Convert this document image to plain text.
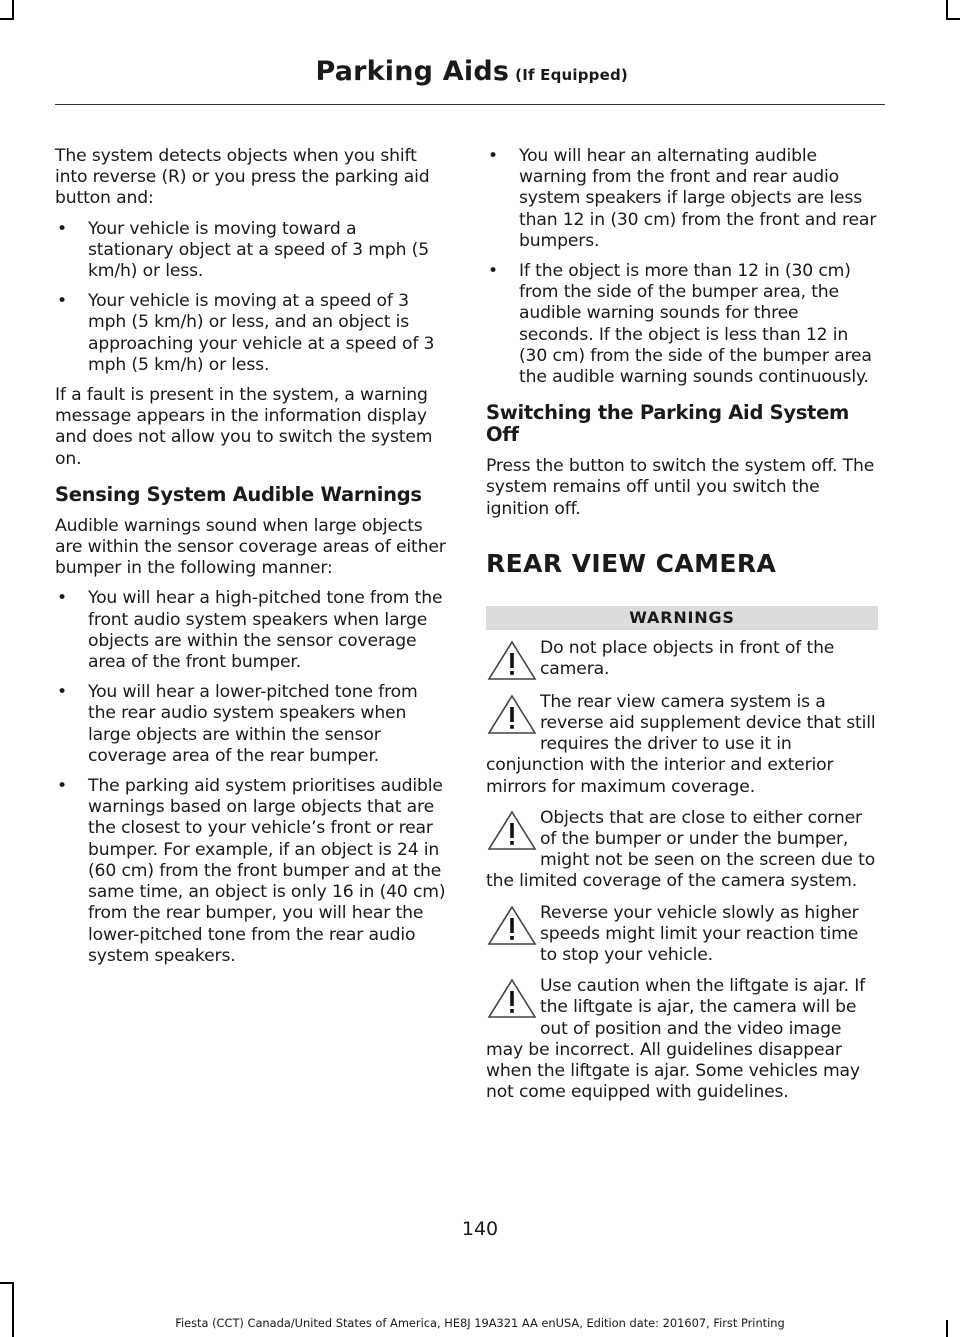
Parking Aids (If Equipped)

The system detects objects when you shift into reverse (R) or you press the parking aid button and:

• Your vehicle is moving toward a stationary object at a speed of 3 mph (5 km/h) or less.
• Your vehicle is moving at a speed of 3 mph (5 km/h) or less, and an object is approaching your vehicle at a speed of 3 mph (5 km/h) or less.

If a fault is present in the system, a warning message appears in the information display and does not allow you to switch the system on.

Sensing System Audible Warnings

Audible warnings sound when large objects are within the sensor coverage areas of either bumper in the following manner:

• You will hear a high-pitched tone from the front audio system speakers when large objects are within the sensor coverage area of the front bumper.
• You will hear a lower-pitched tone from the rear audio system speakers when large objects are within the sensor coverage area of the rear bumper.
• The parking aid system prioritises audible warnings based on large objects that are the closest to your vehicle’s front or rear bumper. For example, if an object is 24 in (60 cm) from the front bumper and at the same time, an object is only 16 in (40 cm) from the rear bumper, you will hear the lower-pitched tone from the rear audio system speakers.
• You will hear an alternating audible warning from the front and rear audio system speakers if large objects are less than 12 in (30 cm) from the front and rear bumpers.
• If the object is more than 12 in (30 cm) from the side of the bumper area, the audible warning sounds for three seconds. If the object is less than 12 in (30 cm) from the side of the bumper area the audible warning sounds continuously.
Switching the Parking Aid System Off

Press the button to switch the system off. The system remains off until you switch the ignition off.

REAR VIEW CAMERA
WARNINGS
Do not place objects in front of the camera.
The rear view camera system is a reverse aid supplement device that still requires the driver to use it in conjunction with the interior and exterior mirrors for maximum coverage.
Objects that are close to either corner of the bumper or under the bumper, might not be seen on the screen due to the limited coverage of the camera system.
Reverse your vehicle slowly as higher speeds might limit your reaction time to stop your vehicle.
Use caution when the liftgate is ajar. If the liftgate is ajar, the camera will be out of position and the video image may be incorrect. All guidelines disappear when the liftgate is ajar. Some vehicles may not come equipped with guidelines.
140
Fiesta (CCT) Canada/United States of America, HE8J 19A321 AA enUSA, Edition date: 201607, First Printing
